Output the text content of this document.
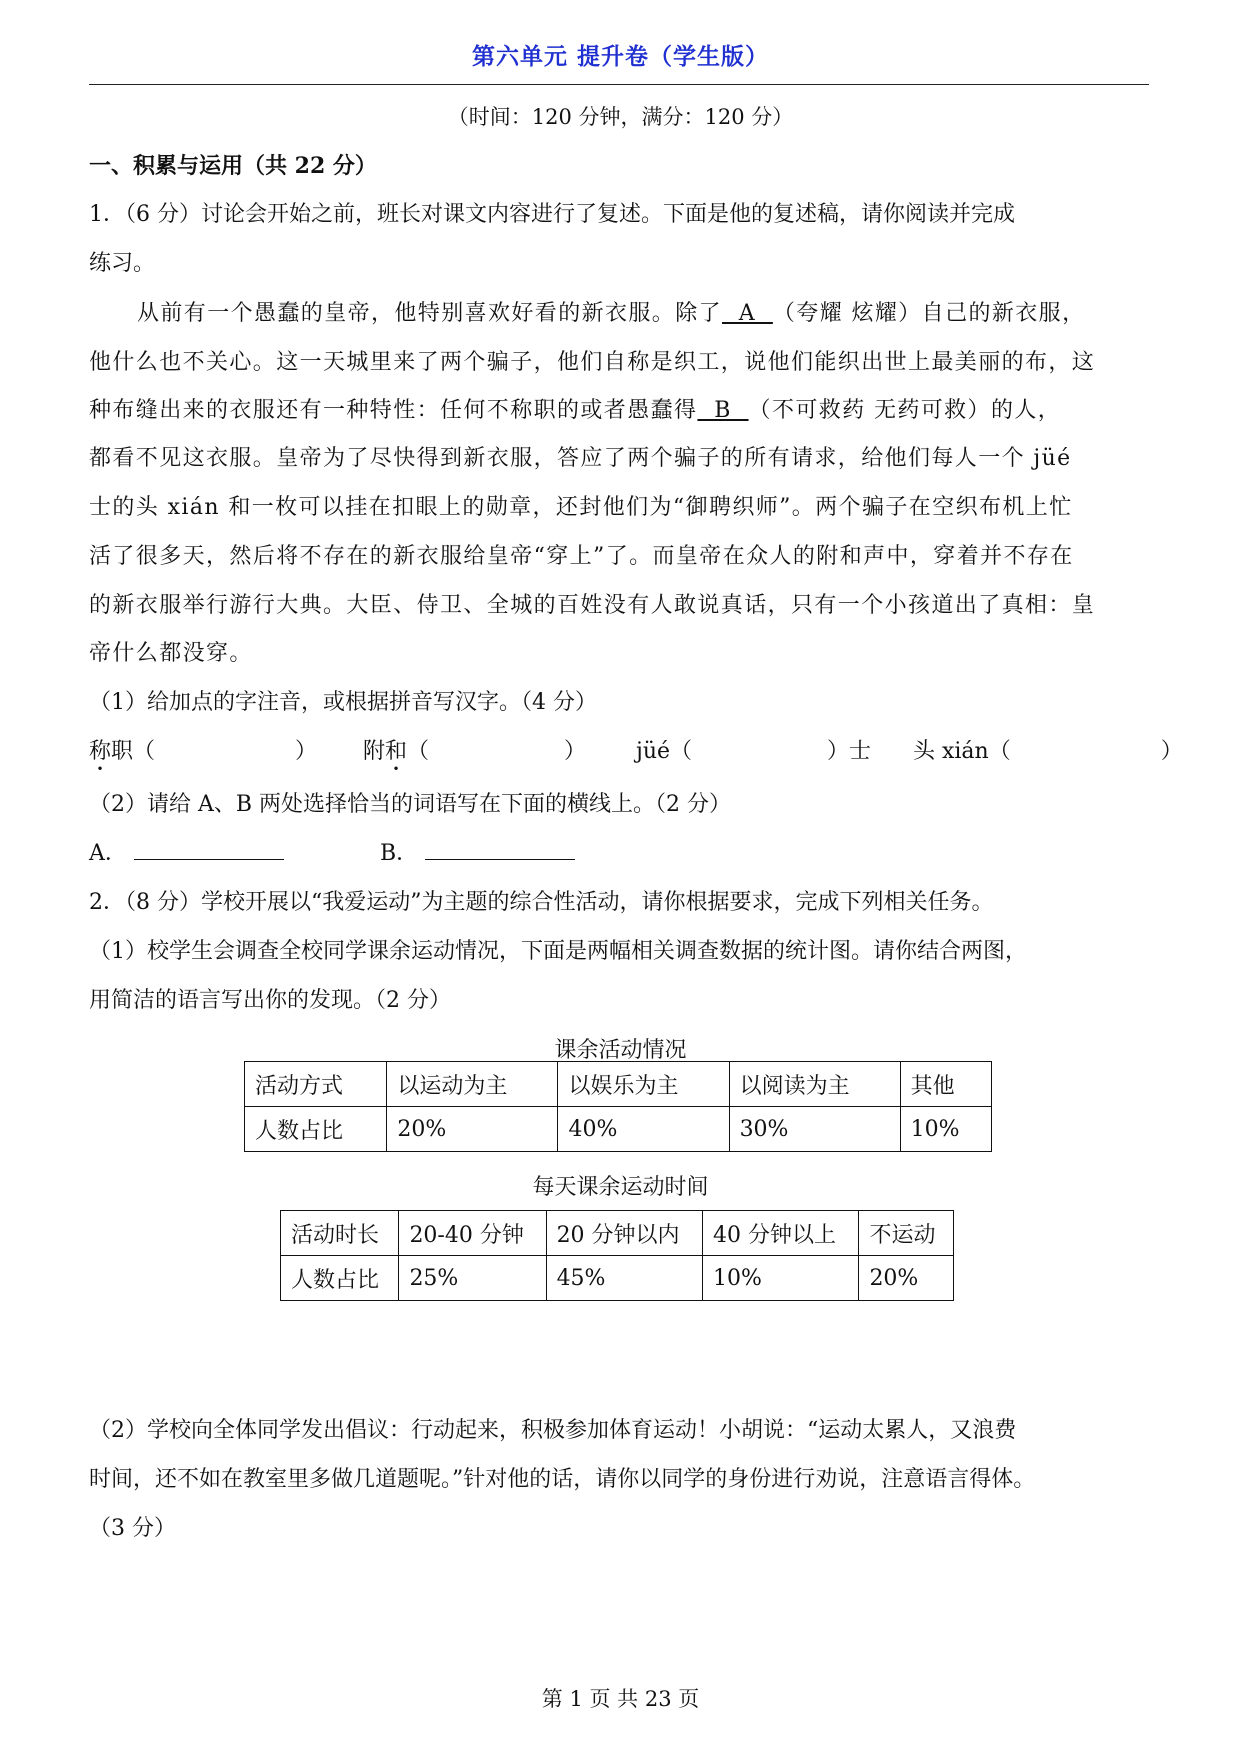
第六单元 提升卷（学生版）
（时间：120 分钟，满分：120 分）
一、积累与运用（共 22 分）
1．（6 分）讨论会开始之前，班长对课文内容进行了复述。下面是他的复述稿，请你阅读并完成
练习。
从前有一个愚蠢的皇帝，他特别喜欢好看的新衣服。除了  A  （夸耀 炫耀）自己的新衣服，
他什么也不关心。这一天城里来了两个骗子，他们自称是织工，说他们能织出世上最美丽的布，这
种布缝出来的衣服还有一种特性：任何不称职的或者愚蠢得  B  （不可救药 无药可救）的人，
都看不见这衣服。皇帝为了尽快得到新衣服，答应了两个骗子的所有请求，给他们每人一个 jüé
士的头 xián 和一枚可以挂在扣眼上的勋章，还封他们为“御聘织师”。两个骗子在空织布机上忙
活了很多天，然后将不存在的新衣服给皇帝“穿上”了。而皇帝在众人的附和声中，穿着并不存在
的新衣服举行游行大典。大臣、侍卫、全城的百姓没有人敢说真话，只有一个小孩道出了真相：皇
帝什么都没穿。
（1）给加点的字注音，或根据拼音写汉字。（4 分）
称职（	） 附和（	） jüé（	）士 头 xián（	）
（2）请给 A、B 两处选择恰当的词语写在下面的横线上。（2 分）
A．	B．
2．（8 分）学校开展以“我爱运动”为主题的综合性活动，请你根据要求，完成下列相关任务。
（1）校学生会调查全校同学课余运动情况，下面是两幅相关调查数据的统计图。请你结合两图，
用简洁的语言写出你的发现。（2 分）
课余活动情况
活动方式	以运动为主	以娱乐为主	以阅读为主	其他
人数占比	20%	40%	30%	10%
每天课余运动时间
活动时长	20-40 分钟	20 分钟以内	40 分钟以上	不运动
人数占比	25%	45%	10%	20%
（2）学校向全体同学发出倡议：行动起来，积极参加体育运动！小胡说：“运动太累人，又浪费
时间，还不如在教室里多做几道题呢。”针对他的话，请你以同学的身份进行劝说，注意语言得体。
（3 分）
第 1 页 共 23 页
